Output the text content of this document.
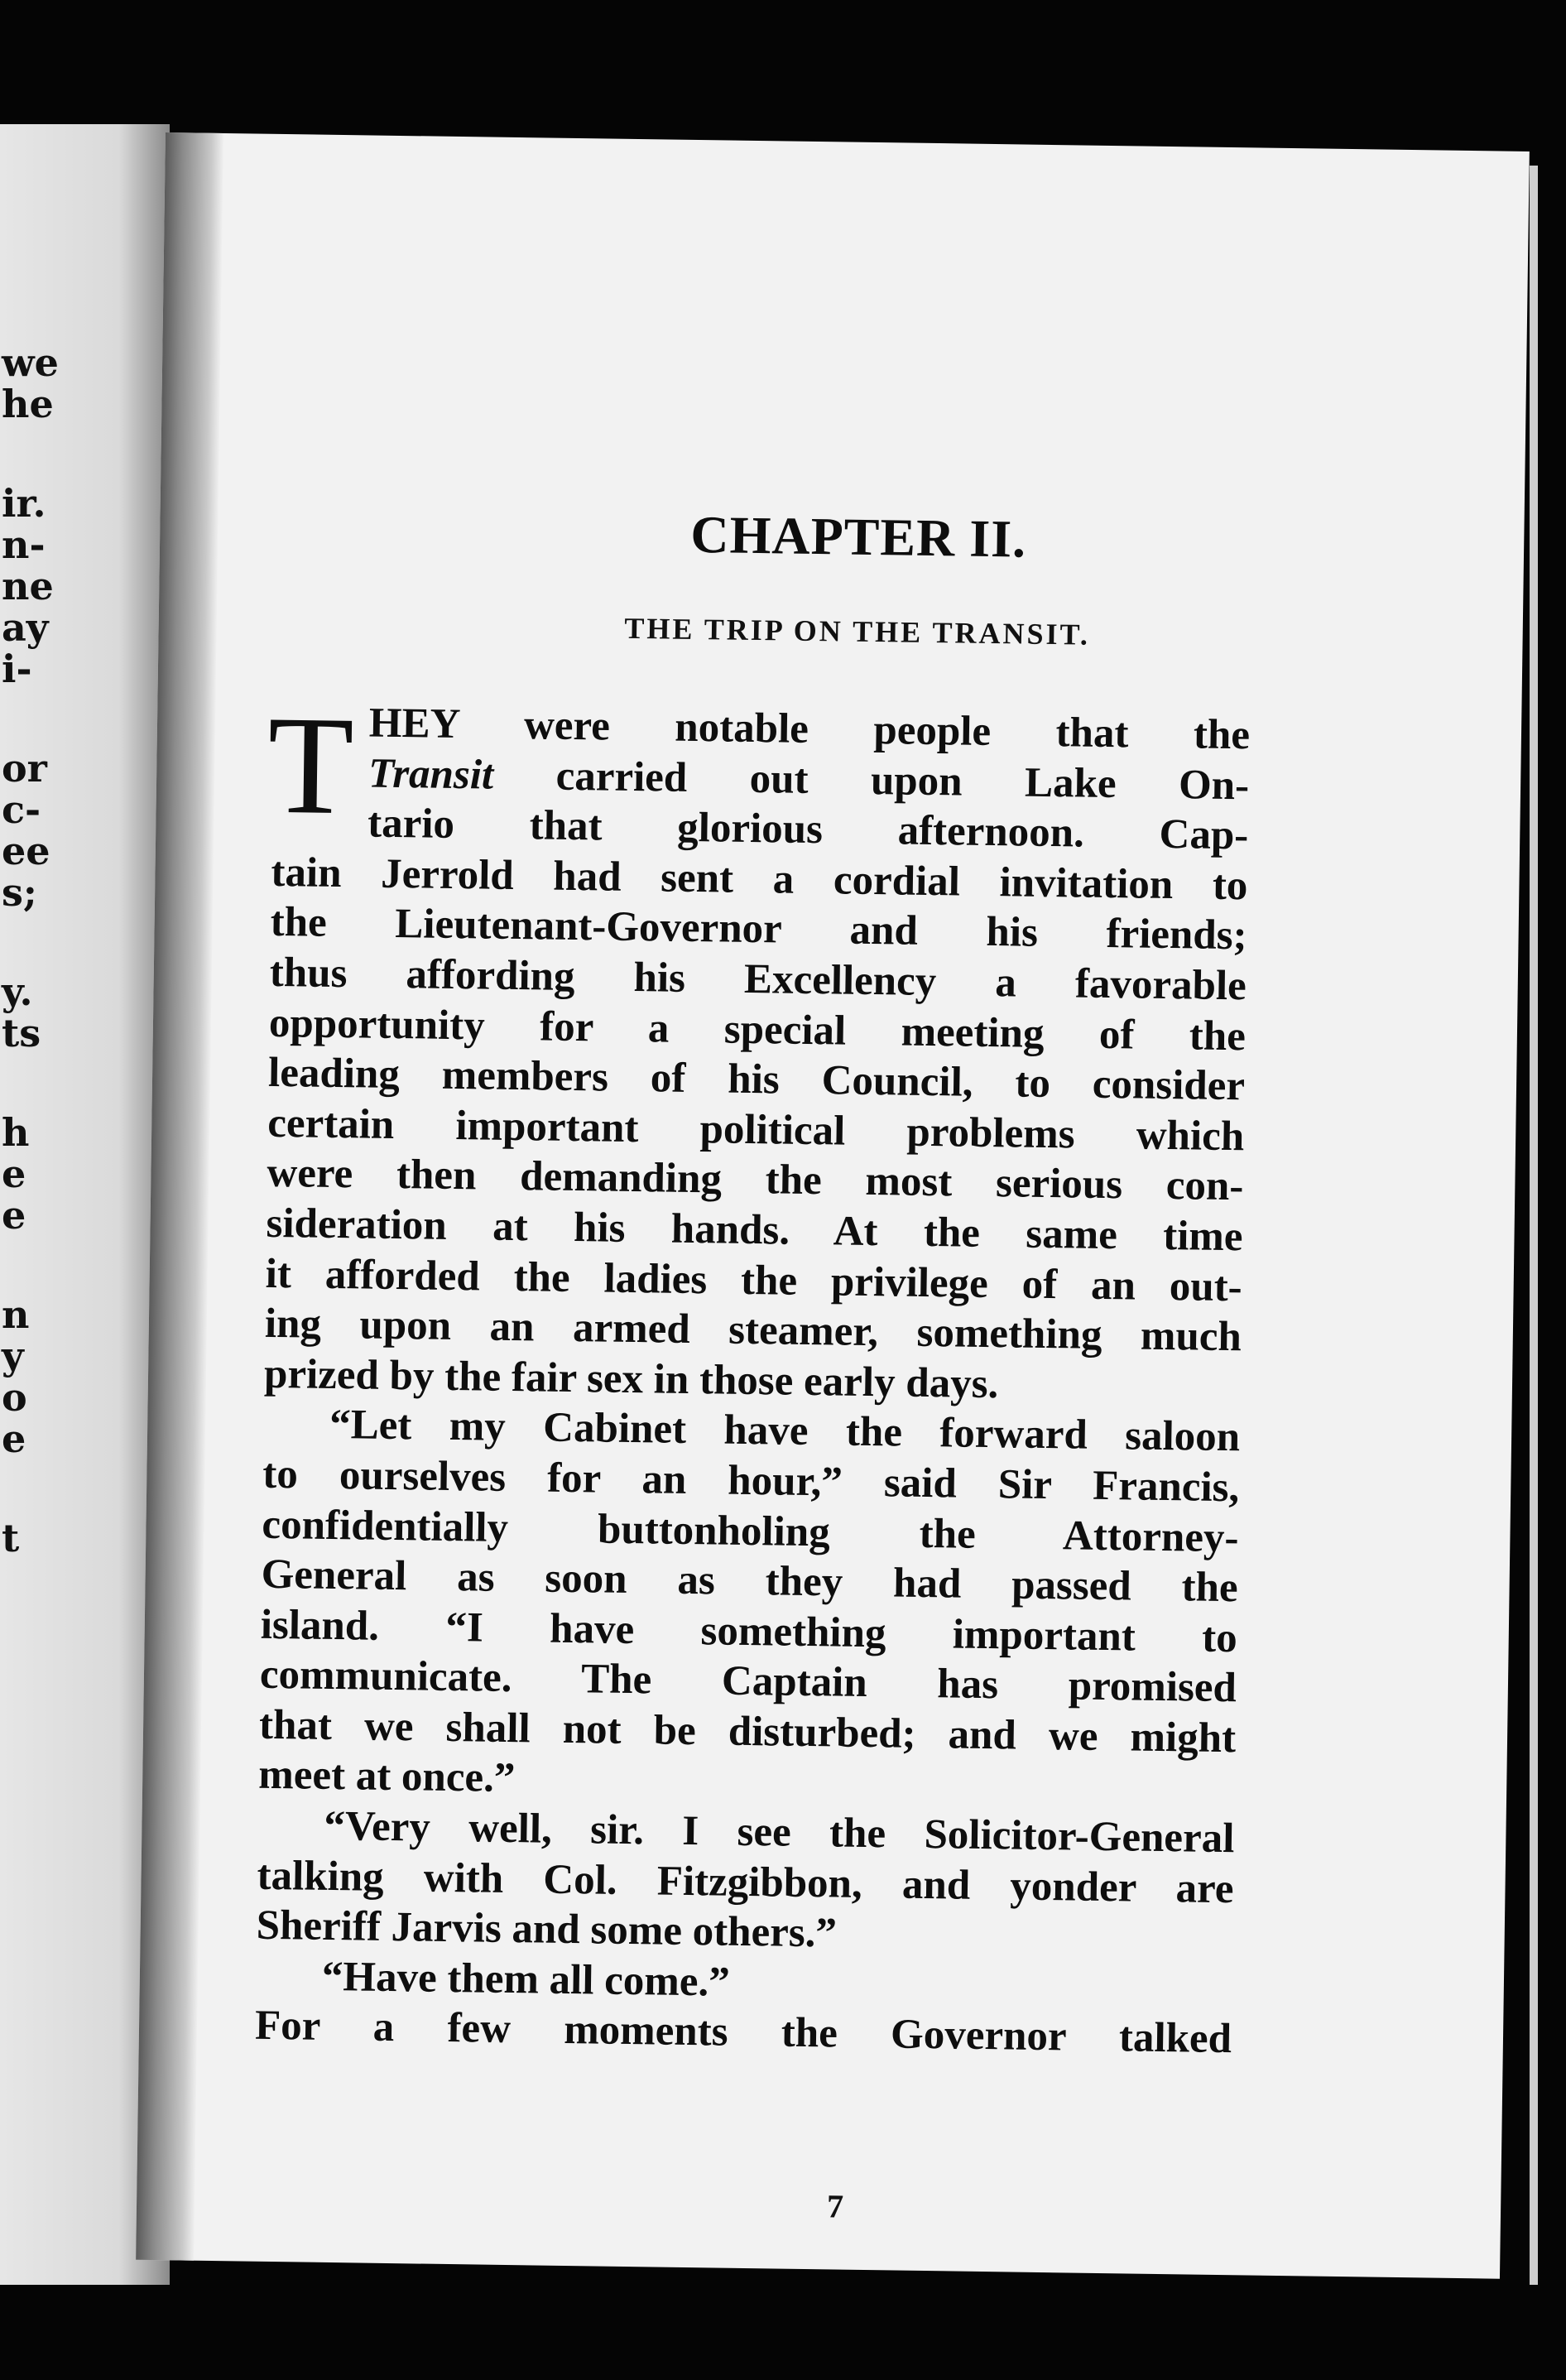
we
he
ir.
n-
ne
ay
i-
or
c-
ee
s;
y.
ts
h
e
e
n
y
o
e
t
CHAPTER II.
THE TRIP ON THE TRANSIT.
T HEY were notable people that the
Transit carried out upon Lake On-
tario that glorious afternoon. Cap-
tain Jerrold had sent a cordial invitation to
the Lieutenant-Governor and his friends;
thus affording his Excellency a favorable
opportunity for a special meeting of the
leading members of his Council, to consider
certain important political problems which
were then demanding the most serious con-
sideration at his hands. At the same time
it afforded the ladies the privilege of an out-
ing upon an armed steamer, something much
prized by the fair sex in those early days.
“Let my Cabinet have the forward saloon
to ourselves for an hour,” said Sir Francis,
confidentially buttonholing the Attorney-
General as soon as they had passed the
island. “I have something important to
communicate. The Captain has promised
that we shall not be disturbed; and we might
meet at once.”
“Very well, sir. I see the Solicitor-General
talking with Col. Fitzgibbon, and yonder are
Sheriff Jarvis and some others.”
“Have them all come.”
For a few moments the Governor talked
7
